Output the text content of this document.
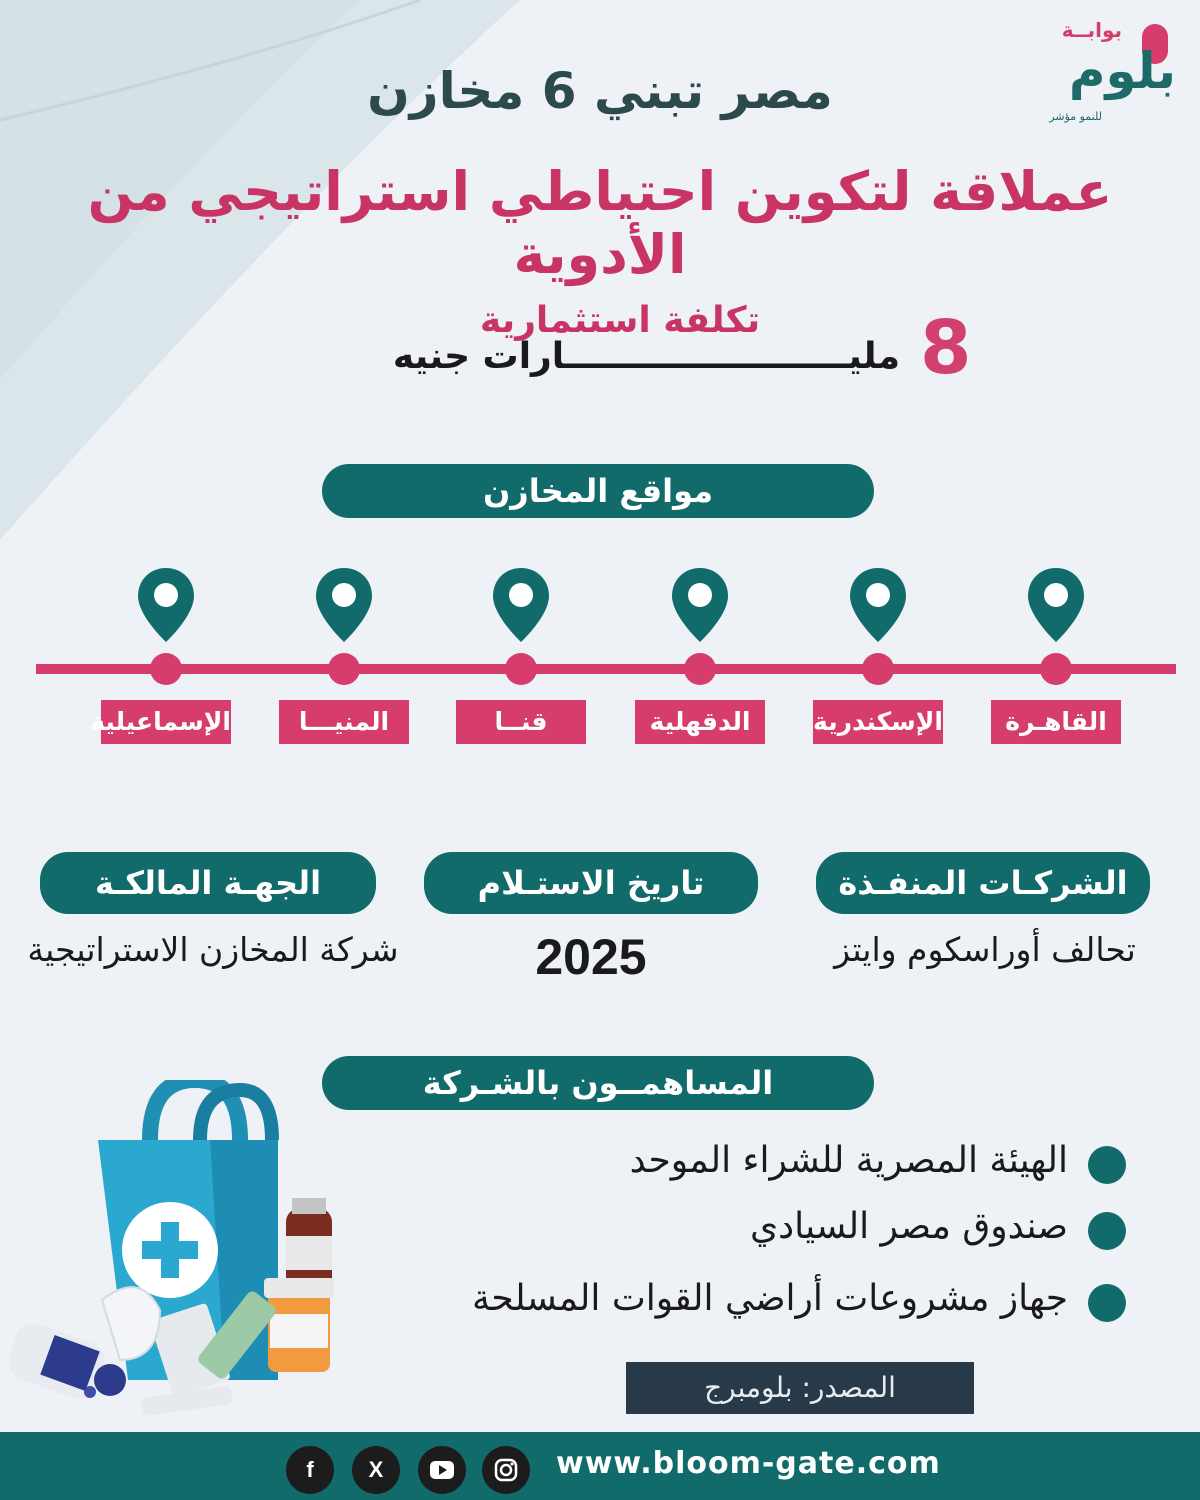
بوابــة
بلوم
للنمو مؤشر
مصر تبني 6 مخازن
عملاقة لتكوين احتياطي استراتيجي من الأدوية
تكلفة استثمارية 8
مليـــــــــــــــــــــــارات جنيه
مواقع المخازن
القاهـرة
الإسكندرية
الدقهلية
قنــا
المنيـــا
الإسماعيلية
الشركـات المنفـذة
تاريخ الاستـلام
الجهـة المالكـة
تحالف أوراسكوم وايتز
2025
شركة المخازن الاستراتيجية
المساهمــون بالشـركة
الهيئة المصرية للشراء الموحد
صندوق مصر السيادي
جهاز مشروعات أراضي القوات المسلحة
المصدر: بلومبرج
f	X	www.bloom-gate.com
